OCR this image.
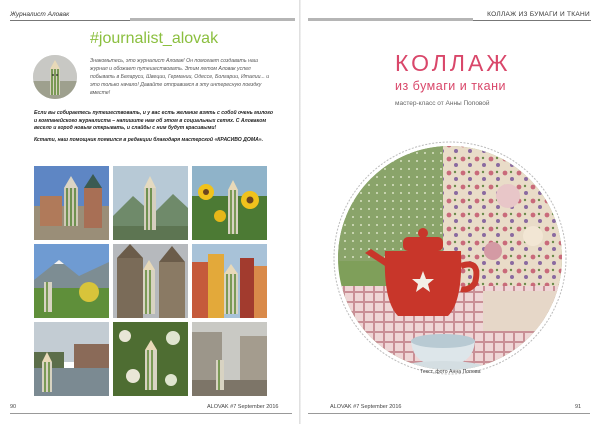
Журналист Алoвак
#journalist_alovak
Знакомьтесь, это журналист Алoвак! Он помогает создавать наш журнал и обожает путешествовать. Этим летом Алoвак успел побывать в Беларуси, Швеции, Германии, Одессе, Болгарии, Италии... и это только начало! Давайте отправимся в эту интересную поездку вместе!

Если вы собираетесь путешествовать, и у вас есть желание взять с собой очень милого и компанейского журналиста – напишите нам об этом в социальных сетях. С Алoваком весело и город новым открывать, и слайды с ним будут красивыми!

Кстати, наш помощник появился в редакции благодаря мастерской «КРАСИВО ДОМА».

90	ALOVAK #7 September 2016
КОЛЛАЖ ИЗ БУМАГИ И ТКАНИ
КОЛЛАЖ
из бумаги и ткани
мастер-класс от Анны Поповой
Текст, фото Анна Попова
ALOVAK #7 September 2016	91
